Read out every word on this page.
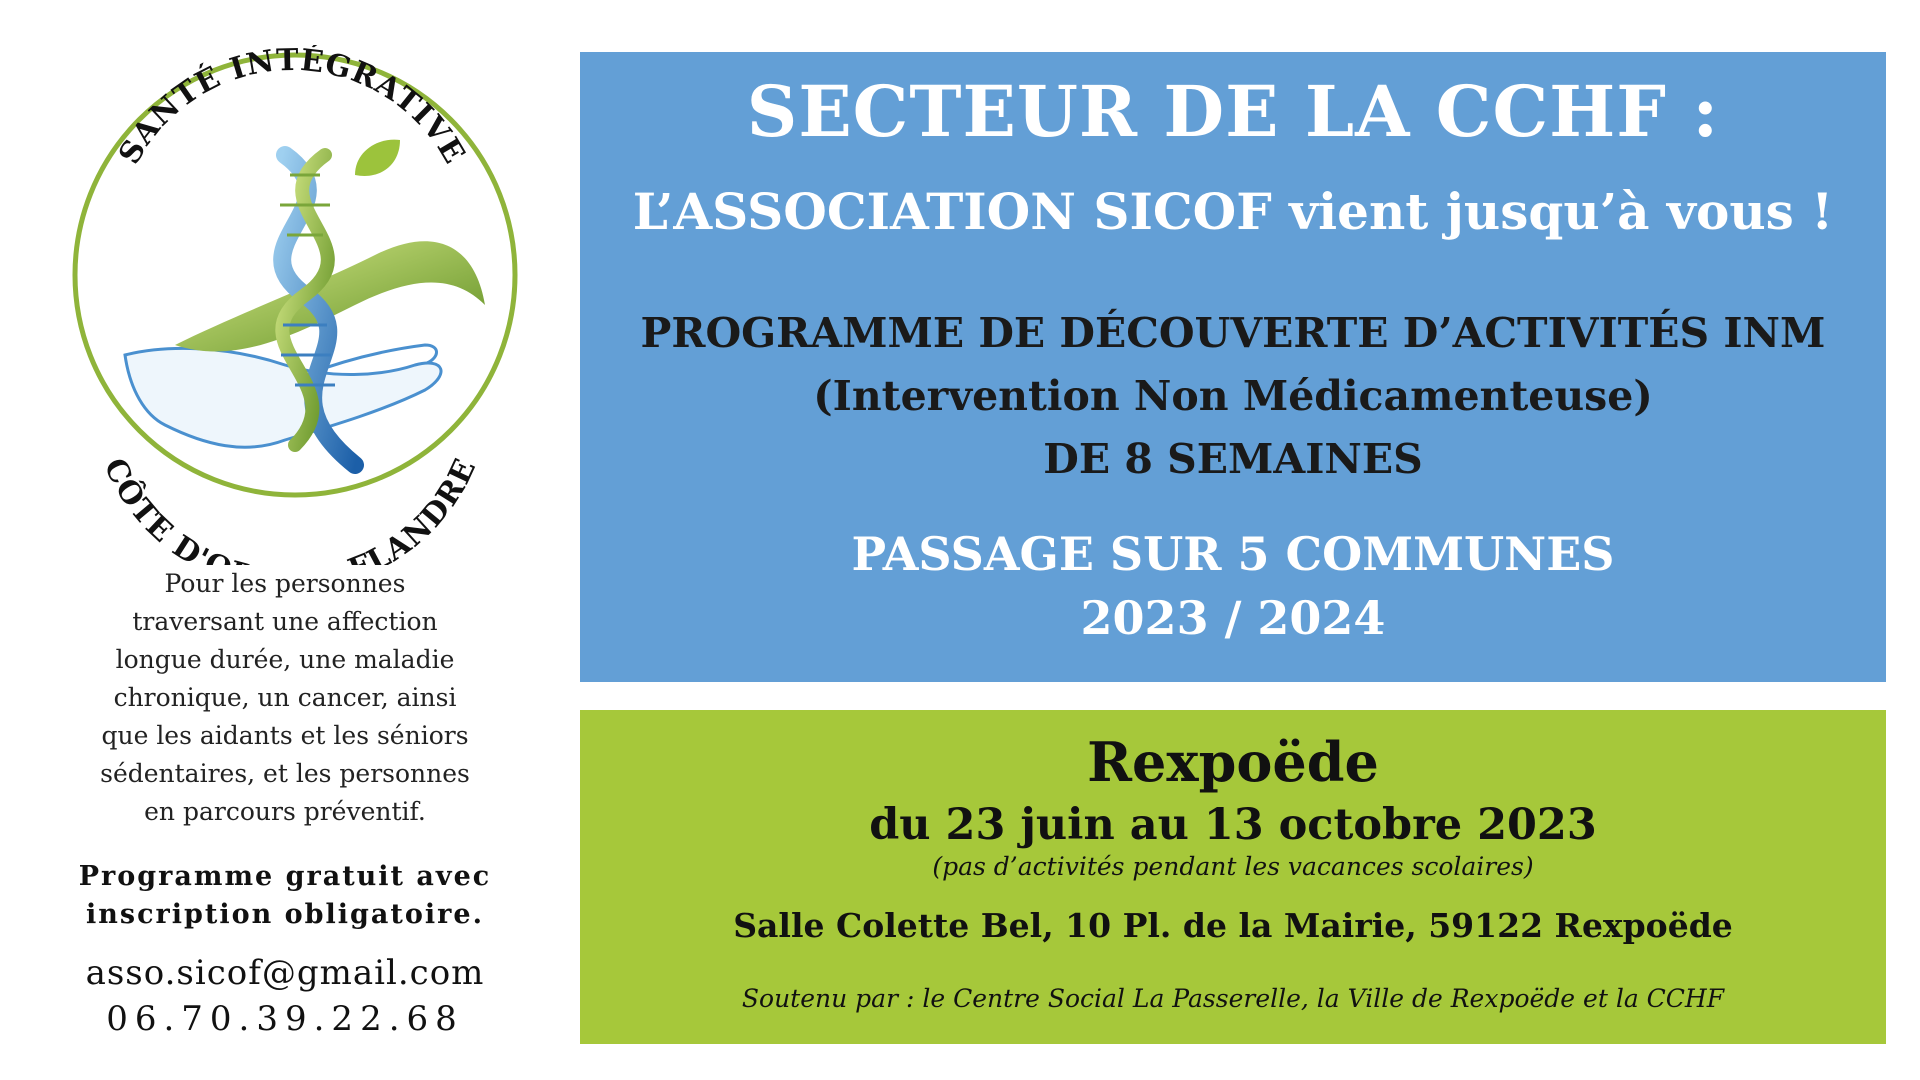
SANTÉ INTÉGRATIVE
CÔTE D' LANDRE

Pour les personnes

traversant une affection

longue durée, une maladie

chronique, un cancer, ainsi

que les aidants et les séniors

sédentaires, et les personnes

en parcours préventif.

Programme gratuit avec
inscription obligatoire.
asso.sicof@gmail.com
06.70.39.22.68
SECTEUR DE LA CCHF :
L’ASSOCIATION SICOF vient jusqu’à vous !
PROGRAMME DE DÉCOUVERTE D’ACTIVITÉS INM
(Intervention Non Médicamenteuse)
DE 8 SEMAINES
PASSAGE SUR 5 COMMUNES
2023 / 2024
Rexpoëde
du 23 juin au 13 octobre 2023
(pas d’activités pendant les vacances scolaires)
Salle Colette Bel, 10 Pl. de la Mairie, 59122 Rexpoëde
Soutenu par : le Centre Social La Passerelle, la Ville de Rexpoëde et la CCHF
